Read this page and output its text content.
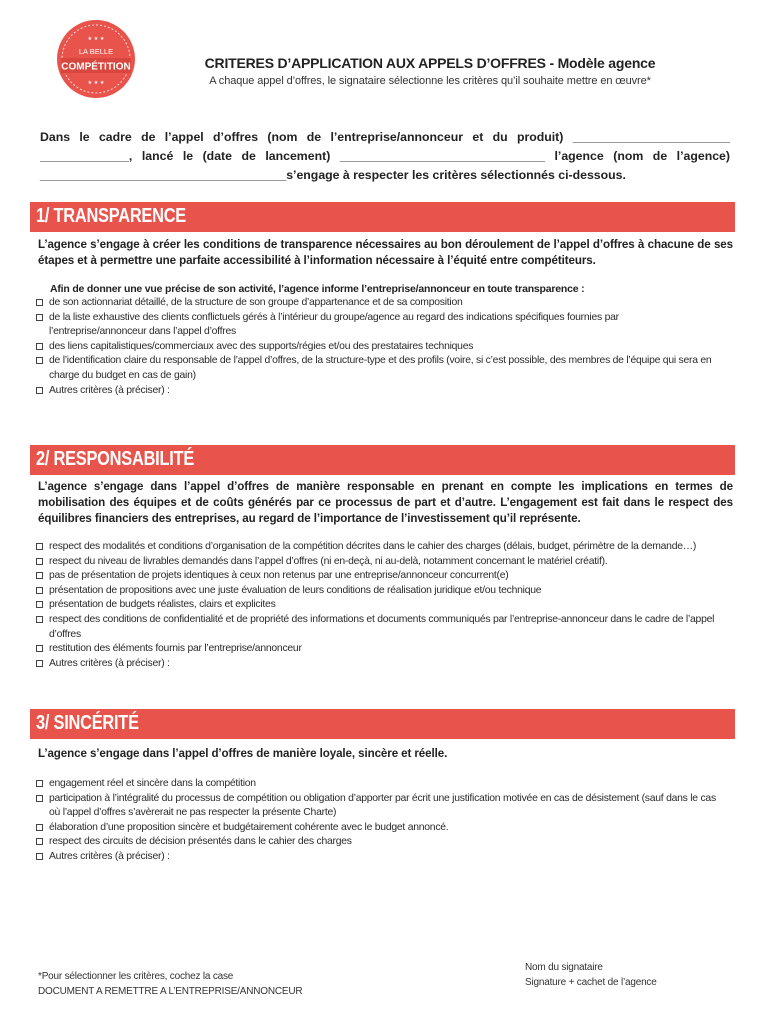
★ ★ ★
LA BELLE
COMPÉTITION
★ ★ ★
CRITERES D’APPLICATION AUX APPELS D’OFFRES - Modèle agence
A chaque appel d’offres, le signataire sélectionne les critères qu’il souhaite mettre en œuvre*
Dans le cadre de l’appel d’offres (nom de l’entreprise/annonceur et du produit) _______________________ _____________, lancé le (date de lancement) ______________________________ l’agence (nom de l’agence) ____________________________________s’engage à respecter les critères sélectionnés ci-dessous.
1/ TRANSPARENCE
L’agence s’engage à créer les conditions de transparence nécessaires au bon déroulement de l’appel d’offres à chacune de ses étapes et à permettre une parfaite accessibilité à l’information nécessaire à l’équité entre compétiteurs.
Afin de donner une vue précise de son activité, l’agence informe l’entreprise/annonceur en toute transparence :
de son actionnariat détaillé, de la structure de son groupe d’appartenance et de sa composition
de la liste exhaustive des clients conflictuels gérés à l’intérieur du groupe/agence au regard des indications spécifiques fournies par l’entreprise/annonceur dans l’appel d’offres
des liens capitalistiques/commerciaux avec des supports/régies et/ou des prestataires techniques
de l’identification claire du responsable de l’appel d’offres, de la structure-type et des profils (voire, si c’est possible, des membres de l’équipe qui sera en charge du budget en cas de gain)
Autres critères (à préciser) :
2/ RESPONSABILITÉ
L’agence s’engage dans l’appel d’offres de manière responsable en prenant en compte les implications en termes de mobilisation des équipes et de coûts générés par ce processus de part et d’autre. L’engagement est fait dans le respect des équilibres financiers des entreprises, au regard de l’importance de l’investissement qu’il représente.
respect des modalités et conditions d’organisation de la compétition décrites dans le cahier des charges (délais, budget, périmètre de la demande…)
respect du niveau de livrables demandés dans l’appel d’offres (ni en-deçà, ni au-delà, notamment concernant le matériel créatif).
pas de présentation de projets identiques à ceux non retenus par une entreprise/annonceur concurrent(e)
présentation de propositions avec une juste évaluation de leurs conditions de réalisation juridique et/ou technique
présentation de budgets réalistes, clairs et explicites
respect des conditions de confidentialité et de propriété des informations et documents communiqués par l’entreprise-annonceur dans le cadre de l’appel d’offres
restitution des éléments fournis par l’entreprise/annonceur
Autres critères (à préciser) :
3/ SINCÉRITÉ
L’agence s’engage dans l’appel d’offres de manière loyale, sincère et réelle.
engagement réel et sincère dans la compétition
participation à l’intégralité du processus de compétition ou obligation d’apporter par écrit une justification motivée en cas de désistement (sauf dans le cas où l’appel d’offres s’avèrerait ne pas respecter la présente Charte)
élaboration d’une proposition sincère et budgétairement cohérente avec le budget annoncé.
respect des circuits de décision présentés dans le cahier des charges
Autres critères (à préciser) :
*Pour sélectionner les critères, cochez la case
DOCUMENT A REMETTRE A L’ENTREPRISE/ANNONCEUR
Nom du signataire
Signature + cachet de l’agence
